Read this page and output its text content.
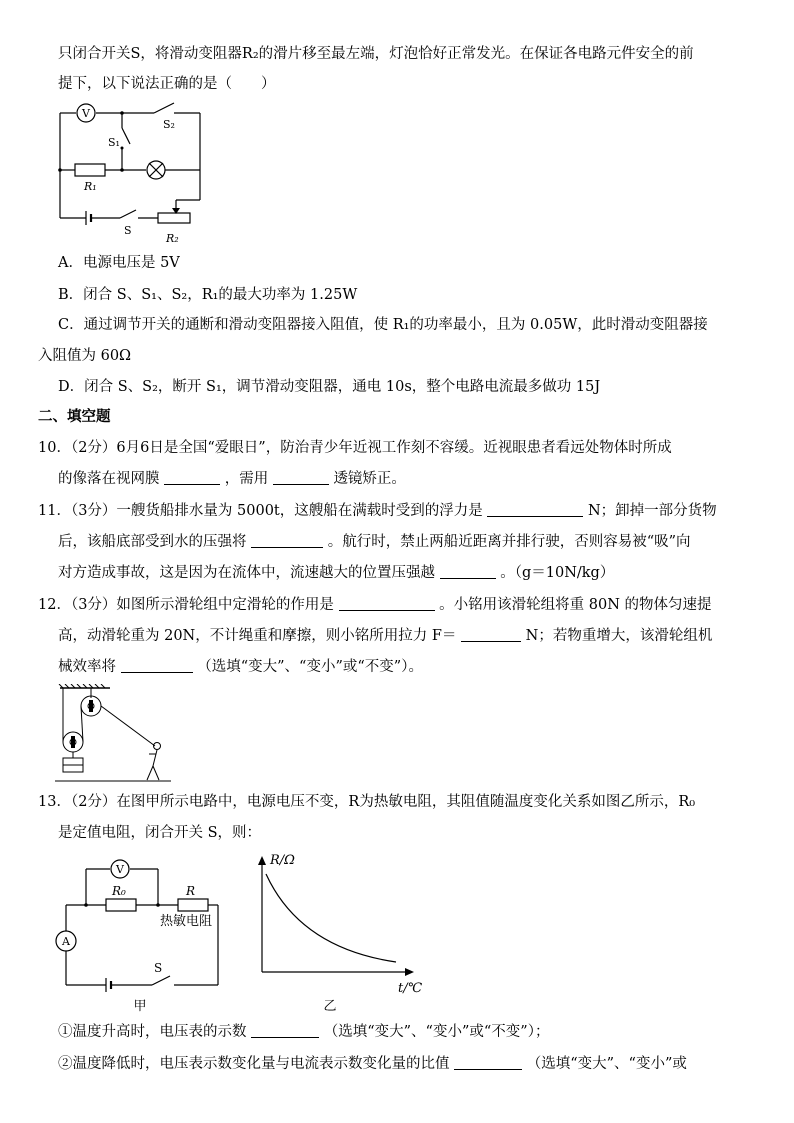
只闭合开关S，将滑动变阻器R₂的滑片移至最左端，灯泡恰好正常发光。在保证各电路元件安全的前
提下，以下说法正确的是（　　）
V
S₂
S₁
R₁
S
R₂
A．电源电压是 5V
B．闭合 S、S₁、S₂，R₁的最大功率为 1.25W
C．通过调节开关的通断和滑动变阻器接入阻值，使 R₁的功率最小，且为 0.05W，此时滑动变阻器接
入阻值为 60Ω
D．闭合 S、S₂，断开 S₁，调节滑动变阻器，通电 10s，整个电路电流最多做功 15J
二、填空题
10．（2分）6月6日是全国“爱眼日”，防治青少年近视工作刻不容缓。近视眼患者看远处物体时所成
的像落在视网膜	，需用	透镜矫正。
11．（3分）一艘货船排水量为 5000t，这艘船在满载时受到的浮力是	N；卸掉一部分货物
后，该船底部受到水的压强将	。航行时，禁止两船近距离并排行驶，否则容易被“吸”向
对方造成事故，这是因为在流体中，流速越大的位置压强越	。（g＝10N/kg）
12．（3分）如图所示滑轮组中定滑轮的作用是	。小铭用该滑轮组将重 80N 的物体匀速提
高，动滑轮重为 20N，不计绳重和摩擦，则小铭所用拉力 F＝	N；若物重增大，该滑轮组机
械效率将	（选填“变大”、“变小”或“不变”）。
13．（2分）在图甲所示电路中，电源电压不变，R为热敏电阻，其阻值随温度变化关系如图乙所示，R₀
是定值电阻，闭合开关 S，则：
V
R₀	R
热敏电阻
A
S
甲
R/Ω
t/℃
乙
①温度升高时，电压表的示数	（选填“变大”、“变小”或“不变”）；
②温度降低时，电压表示数变化量与电流表示数变化量的比值	（选填“变大”、“变小”或
